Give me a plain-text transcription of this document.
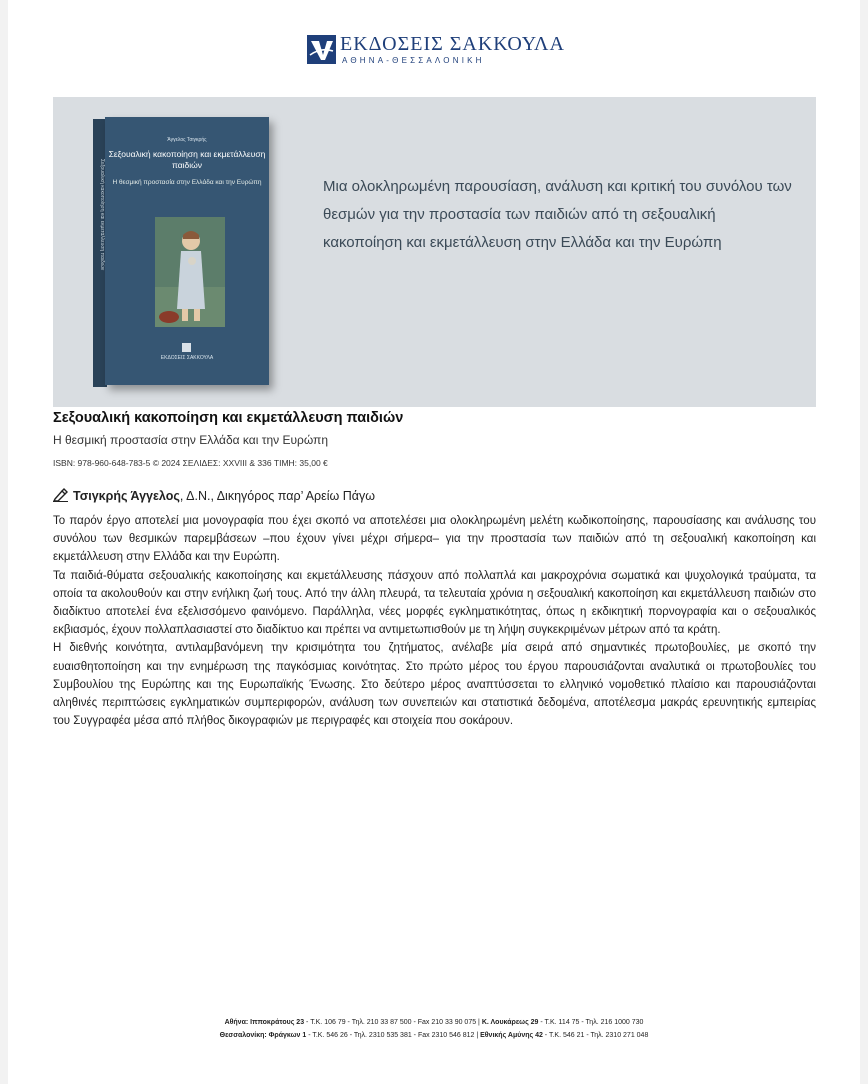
ΕΚΔΟΣΕΙΣ ΣΑΚΚΟΥΛΑ
ΑΘΗΝΑ-ΘΕΣΣΑΛΟΝΙΚΗ
Σεξουαλική κακοποίηση και εκμετάλλευση παιδιών
Άγγελος Τσιγκρής
Σεξουαλική κακοποίηση και εκμετάλλευση παιδιών
Η θεσμική προστασία στην Ελλάδα και την Ευρώπη
ΕΚΔΟΣΕΙΣ ΣΑΚΚΟΥΛΑ
Μια ολοκληρωμένη παρουσίαση, ανάλυση και κριτική του συνόλου των θεσμών για την προστασία των παιδιών από τη σεξουαλική κακοποίηση και εκμετάλλευση στην Ελλάδα και την Ευρώπη
Σεξουαλική κακοποίηση και εκμετάλλευση παιδιών
Η θεσμική προστασία στην Ελλάδα και την Ευρώπη
ISBN: 978-960-648-783-5 © 2024 ΣΕΛΙΔΕΣ: XXVIII & 336 ΤΙΜΗ: 35,00 €
Τσιγκρής Άγγελος, Δ.Ν., Δικηγόρος παρ’ Αρείω Πάγω

Το παρόν έργο αποτελεί μια μονογραφία που έχει σκοπό να αποτελέσει μια ολοκληρωμένη μελέτη κωδικοποίησης, παρουσίασης και ανάλυσης του συνόλου των θεσμικών παρεμβάσεων –που έχουν γίνει μέχρι σήμερα– για την προστασία των παιδιών από τη σεξουαλική κακοποίηση και εκμετάλλευση στην Ελλάδα και την Ευρώπη.

Τα παιδιά-θύματα σεξουαλικής κακοποίησης και εκμετάλλευσης πάσχουν από πολλαπλά και μακροχρόνια σωματικά και ψυχολογικά τραύματα, τα οποία τα ακολουθούν και στην ενήλικη ζωή τους. Από την άλλη πλευρά, τα τελευταία χρόνια η σεξουαλική κακοποίηση και εκμετάλλευση παιδιών στο διαδίκτυο αποτελεί ένα εξελισσόμενο φαινόμενο. Παράλληλα, νέες μορφές εγκληματικότητας, όπως η εκδικητική πορνογραφία και ο σεξουαλικός εκβιασμός, έχουν πολλαπλασιαστεί στο διαδίκτυο και πρέπει να αντιμετωπισθούν με τη λήψη συγκεκριμένων μέτρων από τα κράτη.

Η διεθνής κοινότητα, αντιλαμβανόμενη την κρισιμότητα του ζητήματος, ανέλαβε μία σειρά από σημαντικές πρωτοβουλίες, με σκοπό την ευαισθητοποίηση και την ενημέρωση της παγκόσμιας κοινότητας. Στο πρώτο μέρος του έργου παρουσιάζονται αναλυτικά οι πρωτοβουλίες του Συμβουλίου της Ευρώπης και της Ευρωπαϊκής Ένωσης. Στο δεύτερο μέρος αναπτύσσεται το ελληνικό νομοθετικό πλαίσιο και παρουσιάζονται αληθινές περιπτώσεις εγκληματικών συμπεριφορών, ανάλυση των συνεπειών και στατιστικά δεδομένα, αποτέλεσμα μακράς ερευνητικής εμπειρίας του Συγγραφέα μέσα από πλήθος δικογραφιών με περιγραφές και στοιχεία που σοκάρουν.

Αθήνα: Ιπποκράτους 23 - Τ.Κ. 106 79 - Τηλ. 210 33 87 500 - Fax 210 33 90 075 | Κ. Λουκάρεως 29 - Τ.Κ. 114 75 - Τηλ. 216 1000 730
Θεσσαλονίκη: Φράγκων 1 - Τ.Κ. 546 26 - Τηλ. 2310 535 381 - Fax 2310 546 812 | Εθνικής Αμύνης 42 - Τ.Κ. 546 21 - Τηλ. 2310 271 048
